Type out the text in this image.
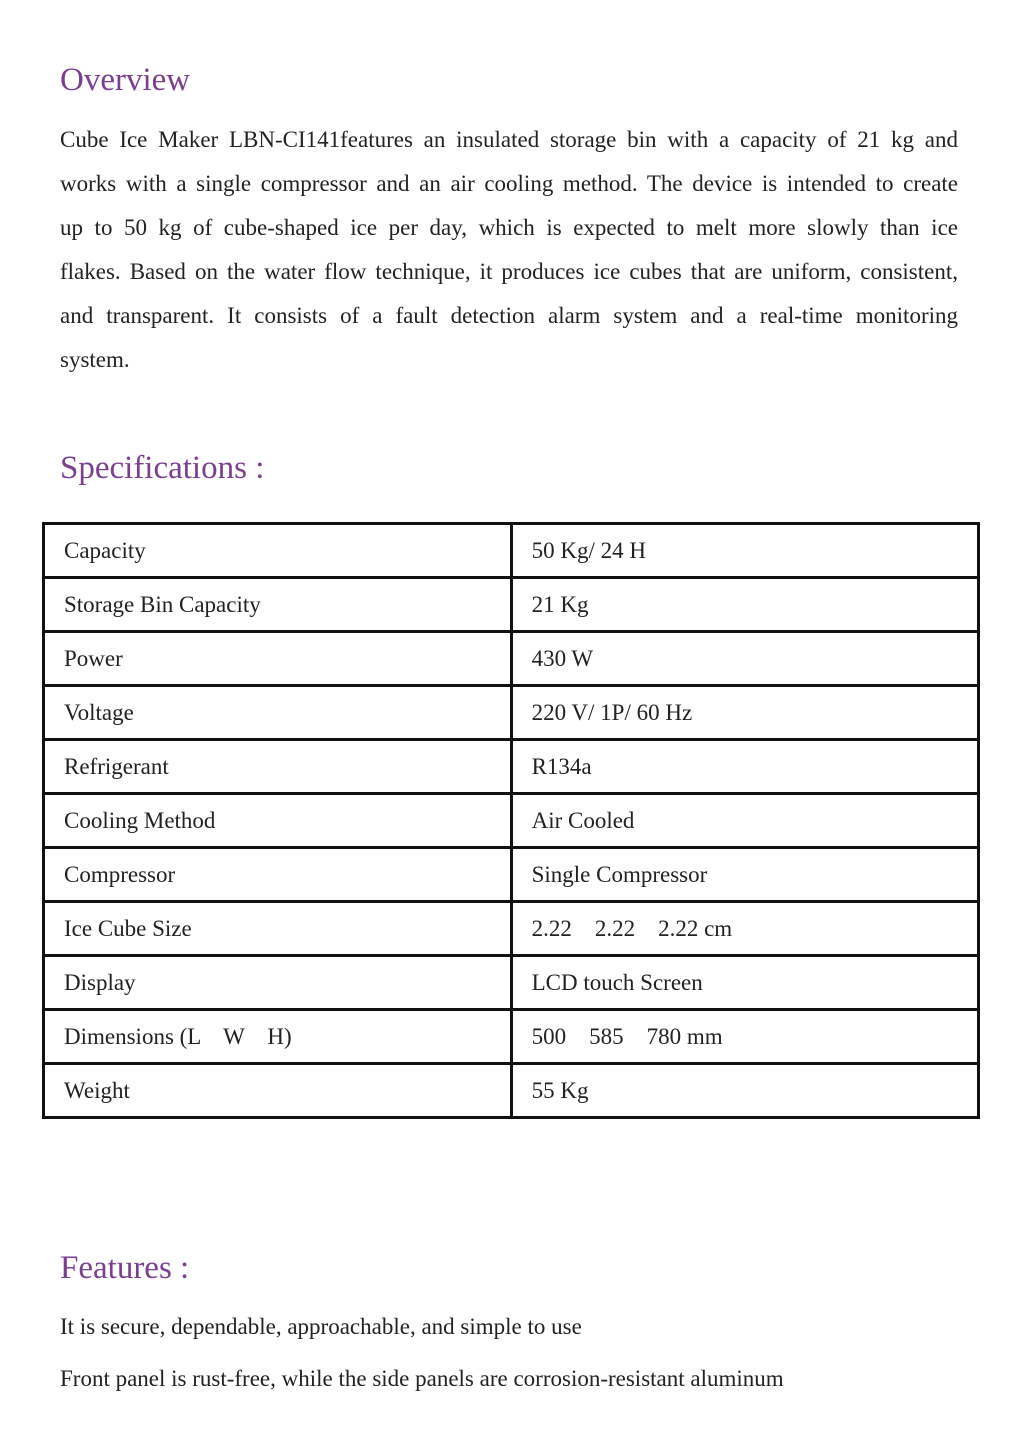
Overview

Cube Ice Maker LBN-CI141features an insulated storage bin with a capacity of 21 kg and works with a single compressor and an air cooling method. The device is intended to create up to 50 kg of cube-shaped ice per day, which is expected to melt more slowly than ice flakes. Based on the water flow technique, it produces ice cubes that are uniform, consistent, and transparent. It consists of a fault detection alarm system and a real-time monitoring system.

Specifications :
Capacity	50 Kg/ 24 H
Storage Bin Capacity	21 Kg
Power	430 W
Voltage	220 V/ 1P/ 60 Hz
Refrigerant	R134a
Cooling Method	Air Cooled
Compressor	Single Compressor
Ice Cube Size	2.22    2.22    2.22 cm
Display	LCD touch Screen
Dimensions (L    W    H)	500    585    780 mm
Weight	55 Kg
Features :

It is secure, dependable, approachable, and simple to use

Front panel is rust-free, while the side panels are corrosion-resistant aluminum
